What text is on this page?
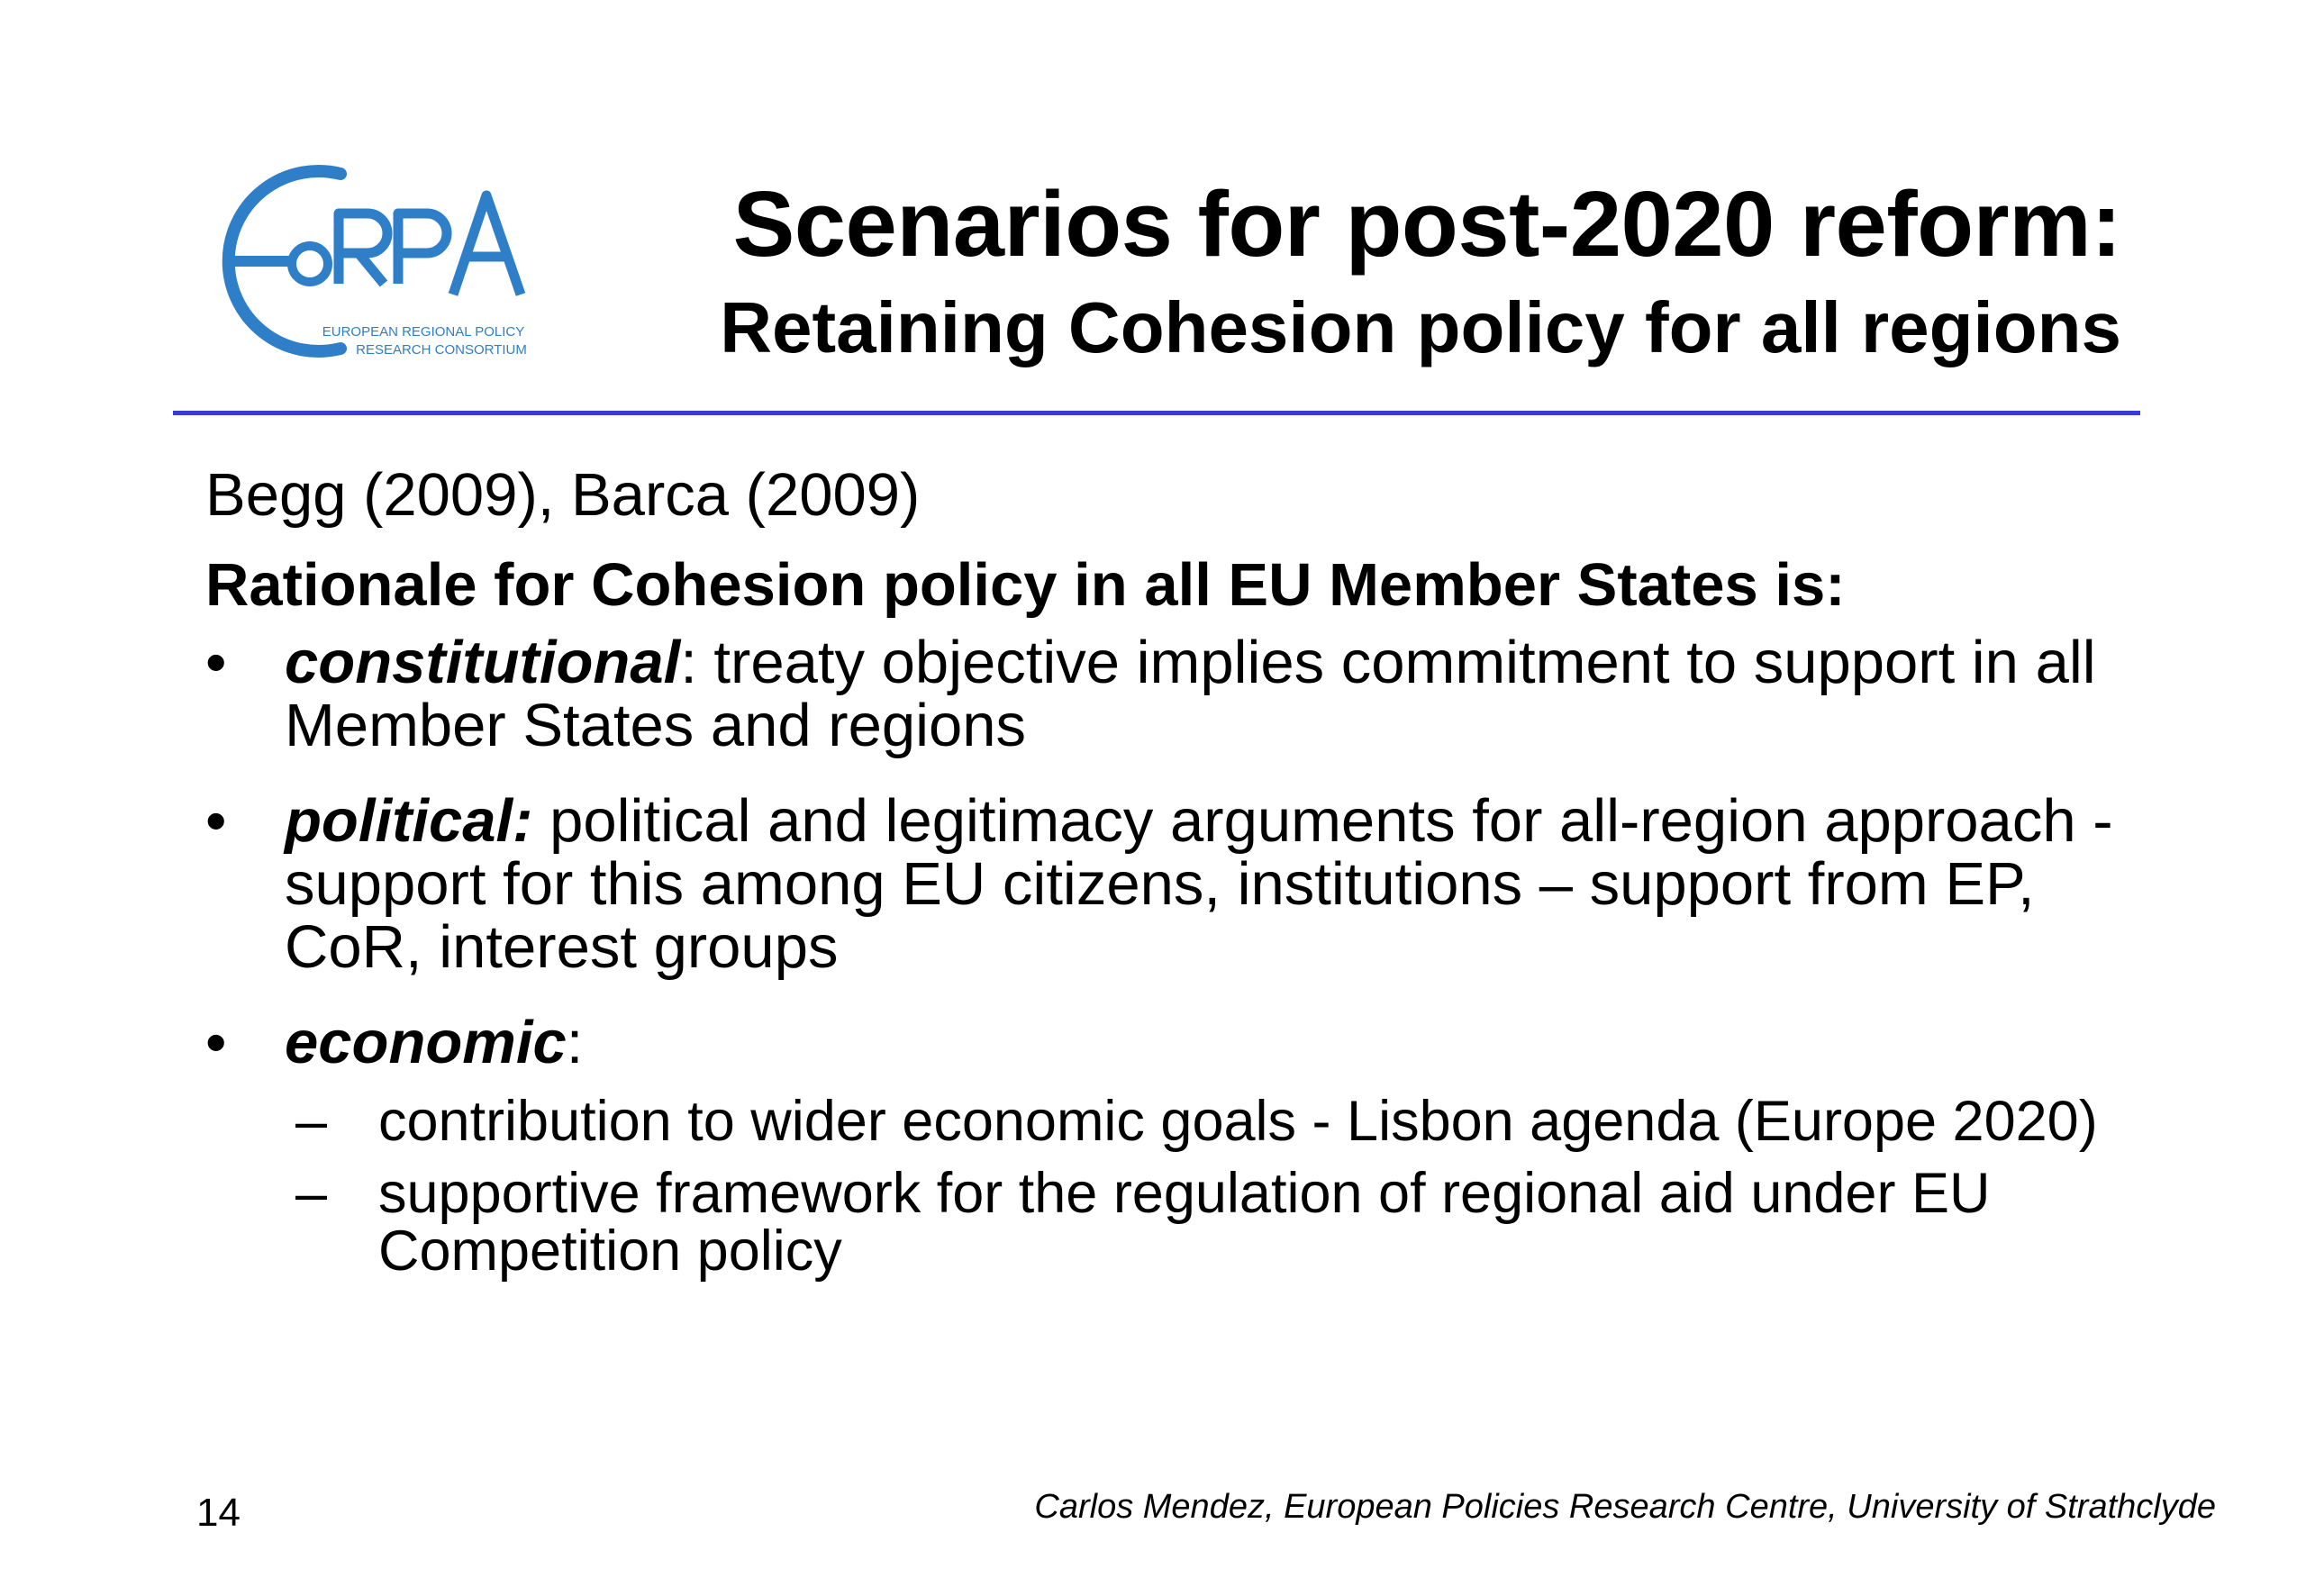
EUROPEAN REGIONAL POLICY
RESEARCH CONSORTIUM
Scenarios for post-2020 reform:
Retaining Cohesion policy for all regions

Begg (2009), Barca (2009)

Rationale for Cohesion policy in all EU Member States is:

• constitutional: treaty objective implies commitment to support in all Member States and regions
• political: political and legitimacy arguments for all-region approach - support for this among EU citizens, institutions – support from EP, CoR, interest groups
• economic:
– contribution to wider economic goals - Lisbon agenda (Europe 2020)
– supportive framework for the regulation of regional aid under EU Competition policy
14	Carlos Mendez, European Policies Research Centre, University of Strathclyde
